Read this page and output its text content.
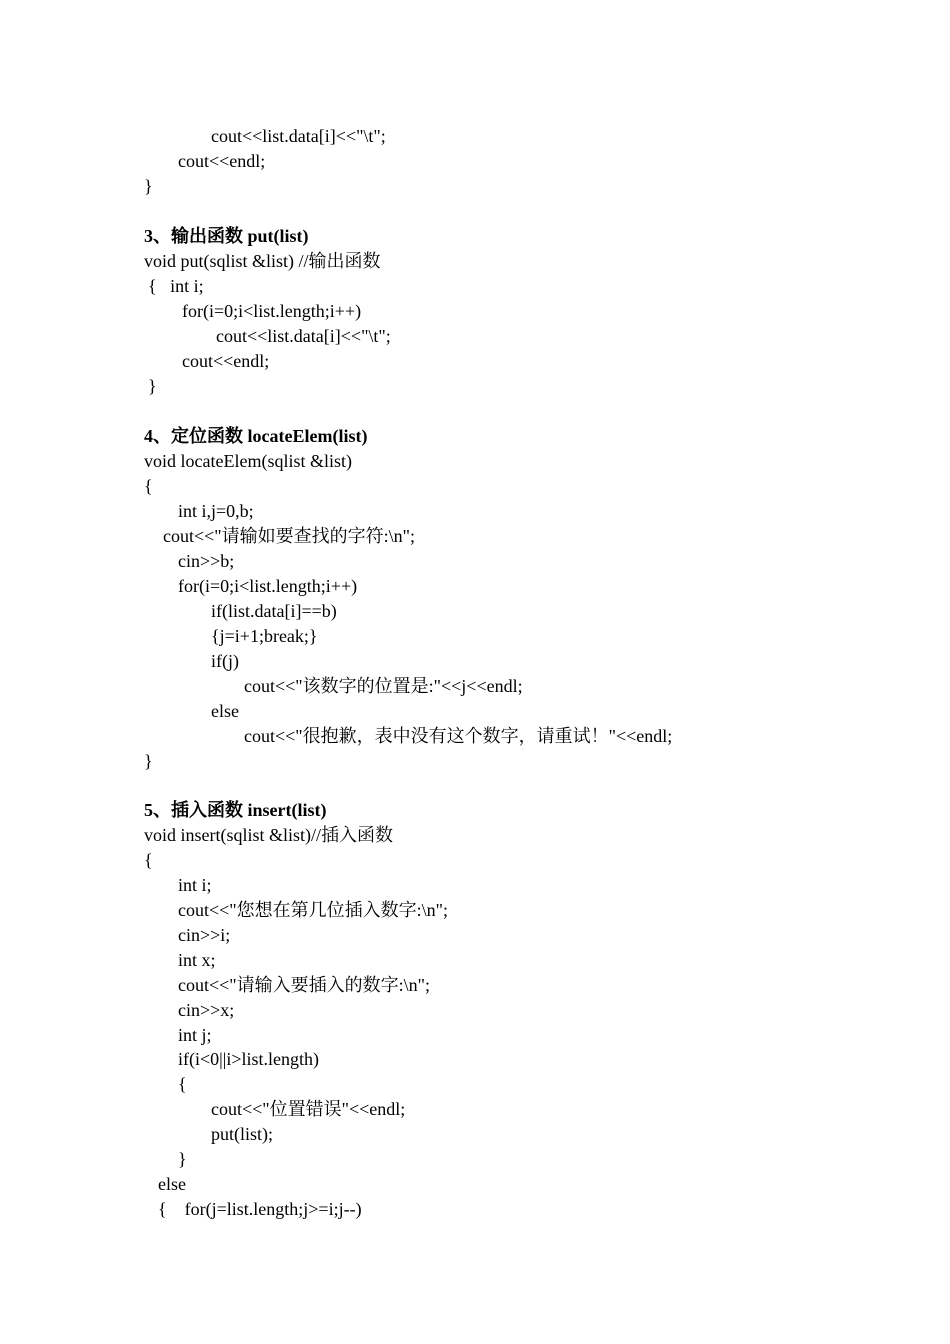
cout<<list.data[i]<<"\t";
cout<<endl;
}
3、输出函数 put(list)
void put(sqlist &list) //输出函数
{   int i;
for(i=0;i<list.length;i++)
cout<<list.data[i]<<"\t";
cout<<endl;
}
4、定位函数 locateElem(list)
void locateElem(sqlist &list)
{
int i,j=0,b;
cout<<"请输如要查找的字符:\n";
cin>>b;
for(i=0;i<list.length;i++)
if(list.data[i]==b)
{j=i+1;break;}
if(j)
cout<<"该数字的位置是:"<<j<<endl;
else
cout<<"很抱歉，表中没有这个数字，请重试！"<<endl;
}
5、插入函数 insert(list)
void insert(sqlist &list)//插入函数
{
int i;
cout<<"您想在第几位插入数字:\n";
cin>>i;
int x;
cout<<"请输入要插入的数字:\n";
cin>>x;
int j;
if(i<0||i>list.length)
{
cout<<"位置错误"<<endl;
put(list);
}
else
{    for(j=list.length;j>=i;j--)
